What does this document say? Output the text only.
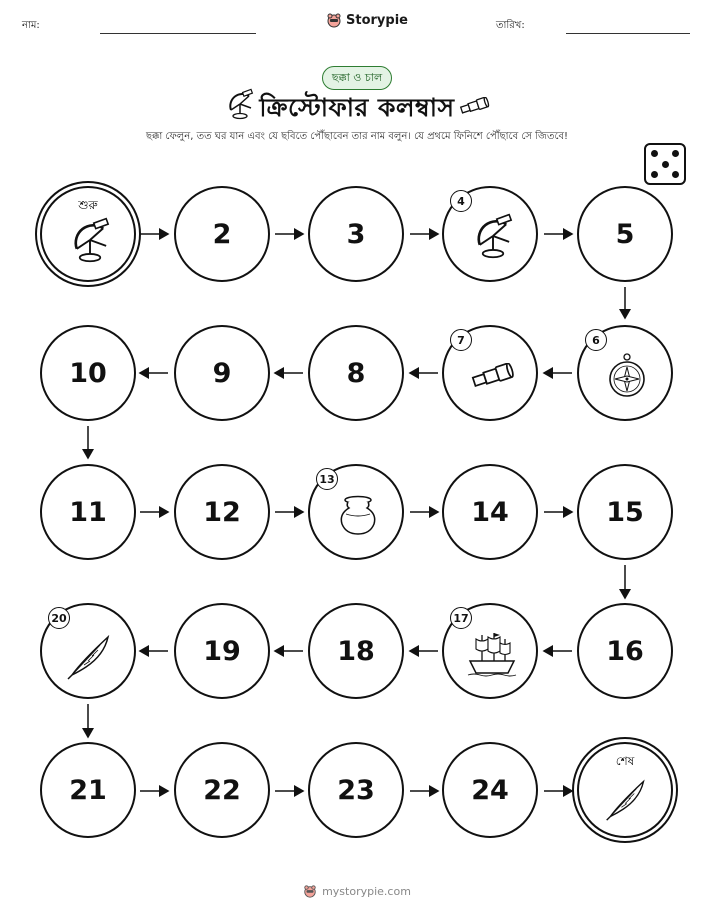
নাম:	Storypie	তারিখ:
ছক্কা ও চাল
ক্রিস্টোফার কলম্বাস
ছক্কা ফেলুন, তত ঘর যান এবং যে ছবিতে পৌঁছাবেন তার নাম বলুন। যে প্রথমে ফিনিশে পৌঁছাবে সে জিতবে!
শুরু
2	3
4
5
10	9	8
7	6
11	12
13
14	15
20
19	18
17
16
21	22	23	24
শেষ
mystorypie.com
